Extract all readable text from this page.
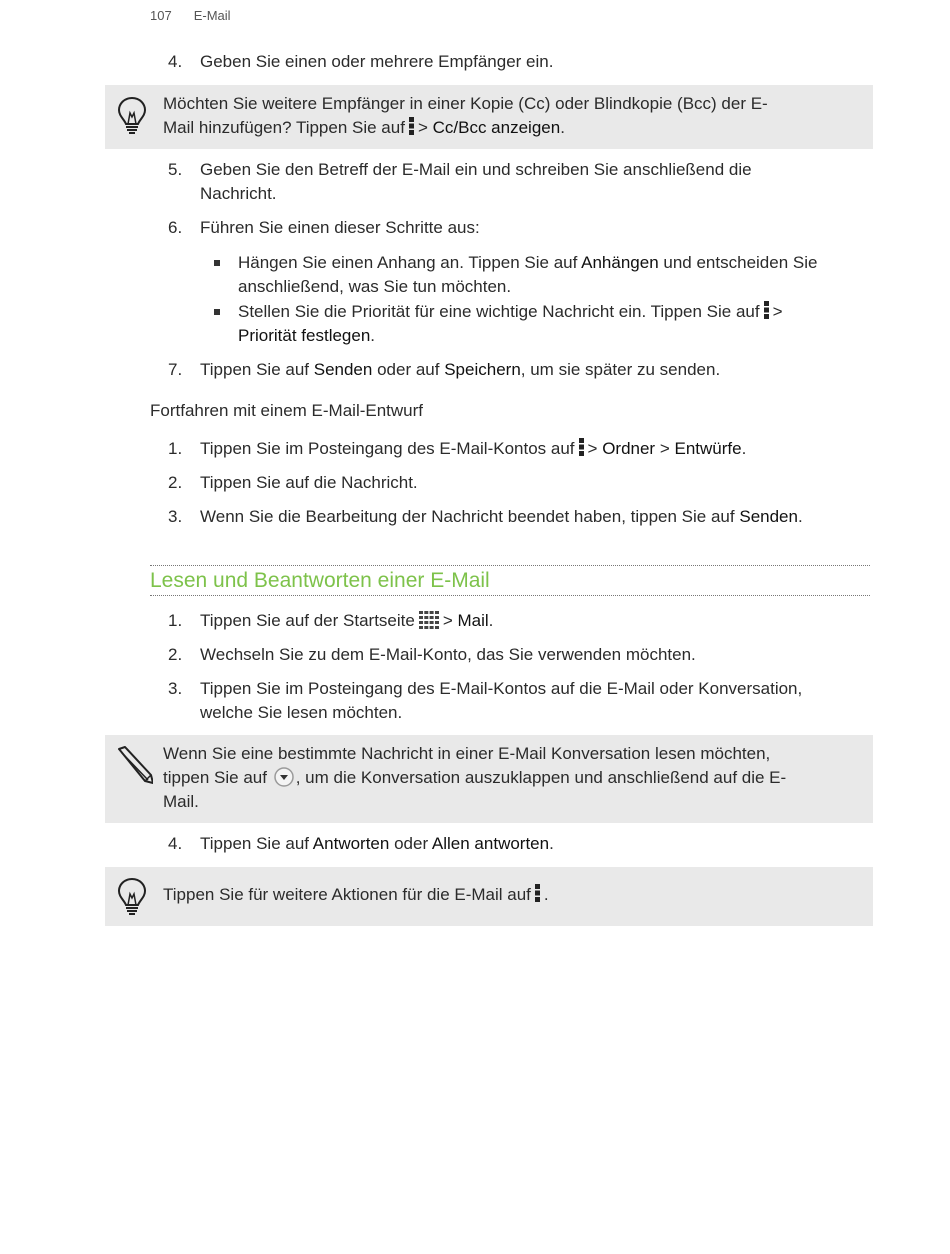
107 E-Mail
4.	Geben Sie einen oder mehrere Empfänger ein.
Möchten Sie weitere Empfänger in einer Kopie (Cc) oder Blindkopie (Bcc) der E-
Mail hinzufügen? Tippen Sie auf > Cc/Bcc anzeigen.
5.	Geben Sie den Betreff der E-Mail ein und schreiben Sie anschließend die
Nachricht.
6.	Führen Sie einen dieser Schritte aus:
Hängen Sie einen Anhang an. Tippen Sie auf Anhängen und entscheiden Sie
anschließend, was Sie tun möchten.
Stellen Sie die Priorität für eine wichtige Nachricht ein. Tippen Sie auf >
Priorität festlegen.
7.	Tippen Sie auf Senden oder auf Speichern, um sie später zu senden.
Fortfahren mit einem E-Mail-Entwurf
1.	Tippen Sie im Posteingang des E-Mail-Kontos auf > Ordner > Entwürfe.
2.	Tippen Sie auf die Nachricht.
3.	Wenn Sie die Bearbeitung der Nachricht beendet haben, tippen Sie auf Senden.
Lesen und Beantworten einer E-Mail
1.	Tippen Sie auf der Startseite > Mail.
2.	Wechseln Sie zu dem E-Mail-Konto, das Sie verwenden möchten.
3.	Tippen Sie im Posteingang des E-Mail-Kontos auf die E-Mail oder Konversation,
welche Sie lesen möchten.
Wenn Sie eine bestimmte Nachricht in einer E-Mail Konversation lesen möchten,
tippen Sie auf , um die Konversation auszuklappen und anschließend auf die E-
Mail.
4.	Tippen Sie auf Antworten oder Allen antworten.
Tippen Sie für weitere Aktionen für die E-Mail auf .
